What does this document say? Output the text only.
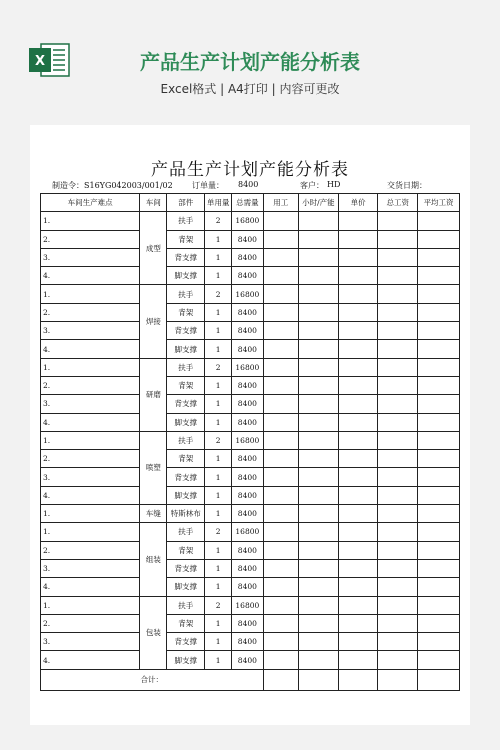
X	产品生产计划产能分析表
Excel格式 | A4打印 | 内容可更改
产品生产计划产能分析表
制造令：S16YG042003/001/02 订单量： 8400	客户： HD	交货日期：
车间生产难点	车间	部件	单用量	总需量	用工	小时/产能	单价	总工资	平均工资
1.	成型	扶手	2	16800					
2.		背架	1	8400					
3.		背支撑	1	8400					
4.		脚支撑	1	8400					
1.	焊接	扶手	2	16800					
2.		背架	1	8400					
3.		背支撑	1	8400					
4.		脚支撑	1	8400					
1.	研磨	扶手	2	16800					
2.		背架	1	8400					
3.		背支撑	1	8400					
4.		脚支撑	1	8400					
1.	喷塑	扶手	2	16800					
2.		背架	1	8400					
3.		背支撑	1	8400					
4.		脚支撑	1	8400					
1.	车缝	特斯林布	1	8400					
1.	组装	扶手	2	16800					
2.		背架	1	8400					
3.		背支撑	1	8400					
4.		脚支撑	1	8400					
1.	包装	扶手	2	16800					
2.		背架	1	8400					
3.		背支撑	1	8400					
4.		脚支撑	1	8400					
合计：									
